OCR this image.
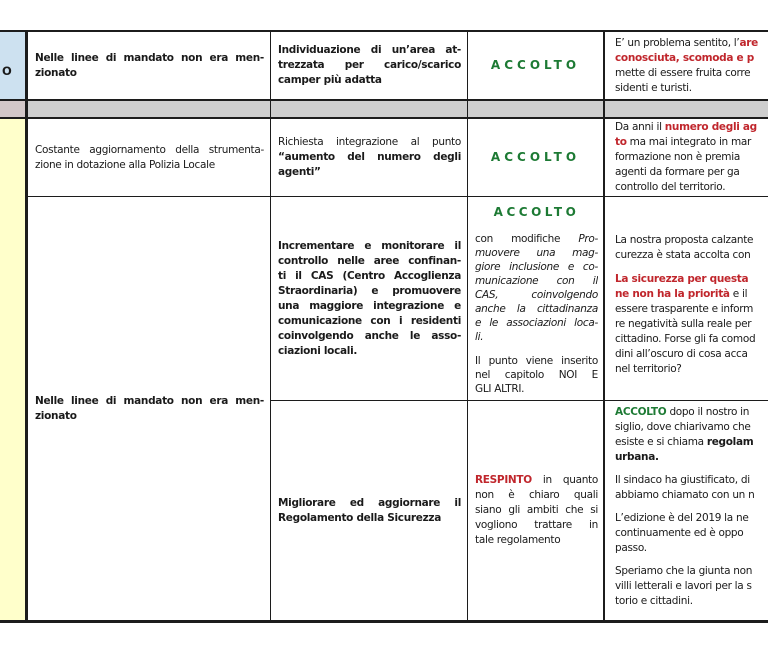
O
Nelle linee di mandato non era men-
zionato
Individuazione di un’area at-
trezzata per carico/scarico
camper più adatta
ACCOLTO
E’ un problema sentito, l’are
conosciuta, scomoda e p
mette di essere fruita corre
sidenti e turisti.
Costante aggiornamento della strumenta-
zione in dotazione alla Polizia Locale
Richiesta integrazione al punto
“aumento del numero degli
agenti”
ACCOLTO
Da anni il numero degli ag
to ma mai integrato in mar
formazione non è premia
agenti da formare per ga
controllo del territorio.
Nelle linee di mandato non era men-
zionato
Incrementare e monitorare il
controllo nelle aree confinan-
ti il CAS (Centro Accoglienza
Straordinaria) e promuovere
una maggiore integrazione e
comunicazione con i residenti
coinvolgendo anche le asso-
ciazioni locali.
ACCOLTO
con modifiche Pro-
muovere una mag-
giore inclusione e co-
municazione con il
CAS, coinvolgendo
anche la cittadinanza
e le associazioni loca-
li.
Il punto viene inserito
nel capitolo NOI E
GLI ALTRI.
La nostra proposta calzante
curezza è stata accolta con
La sicurezza per questa
ne non ha la priorità e il
essere trasparente e inform
re negatività sulla reale per
cittadino. Forse gli fa comod
dini all’oscuro di cosa acca
nel territorio?
Migliorare ed aggiornare il
Regolamento della Sicurezza
RESPINTO in quanto
non è chiaro quali
siano gli ambiti che si
vogliono trattare in
tale regolamento
ACCOLTO dopo il nostro in
siglio, dove chiarivamo che
esiste e si chiama regolam
urbana.
Il sindaco ha giustificato, di
abbiamo chiamato con un n
L’edizione è del 2019 la ne
continuamente ed è oppo
passo.
Speriamo che la giunta non
villi letterali e lavori per la s
torio e cittadini.
